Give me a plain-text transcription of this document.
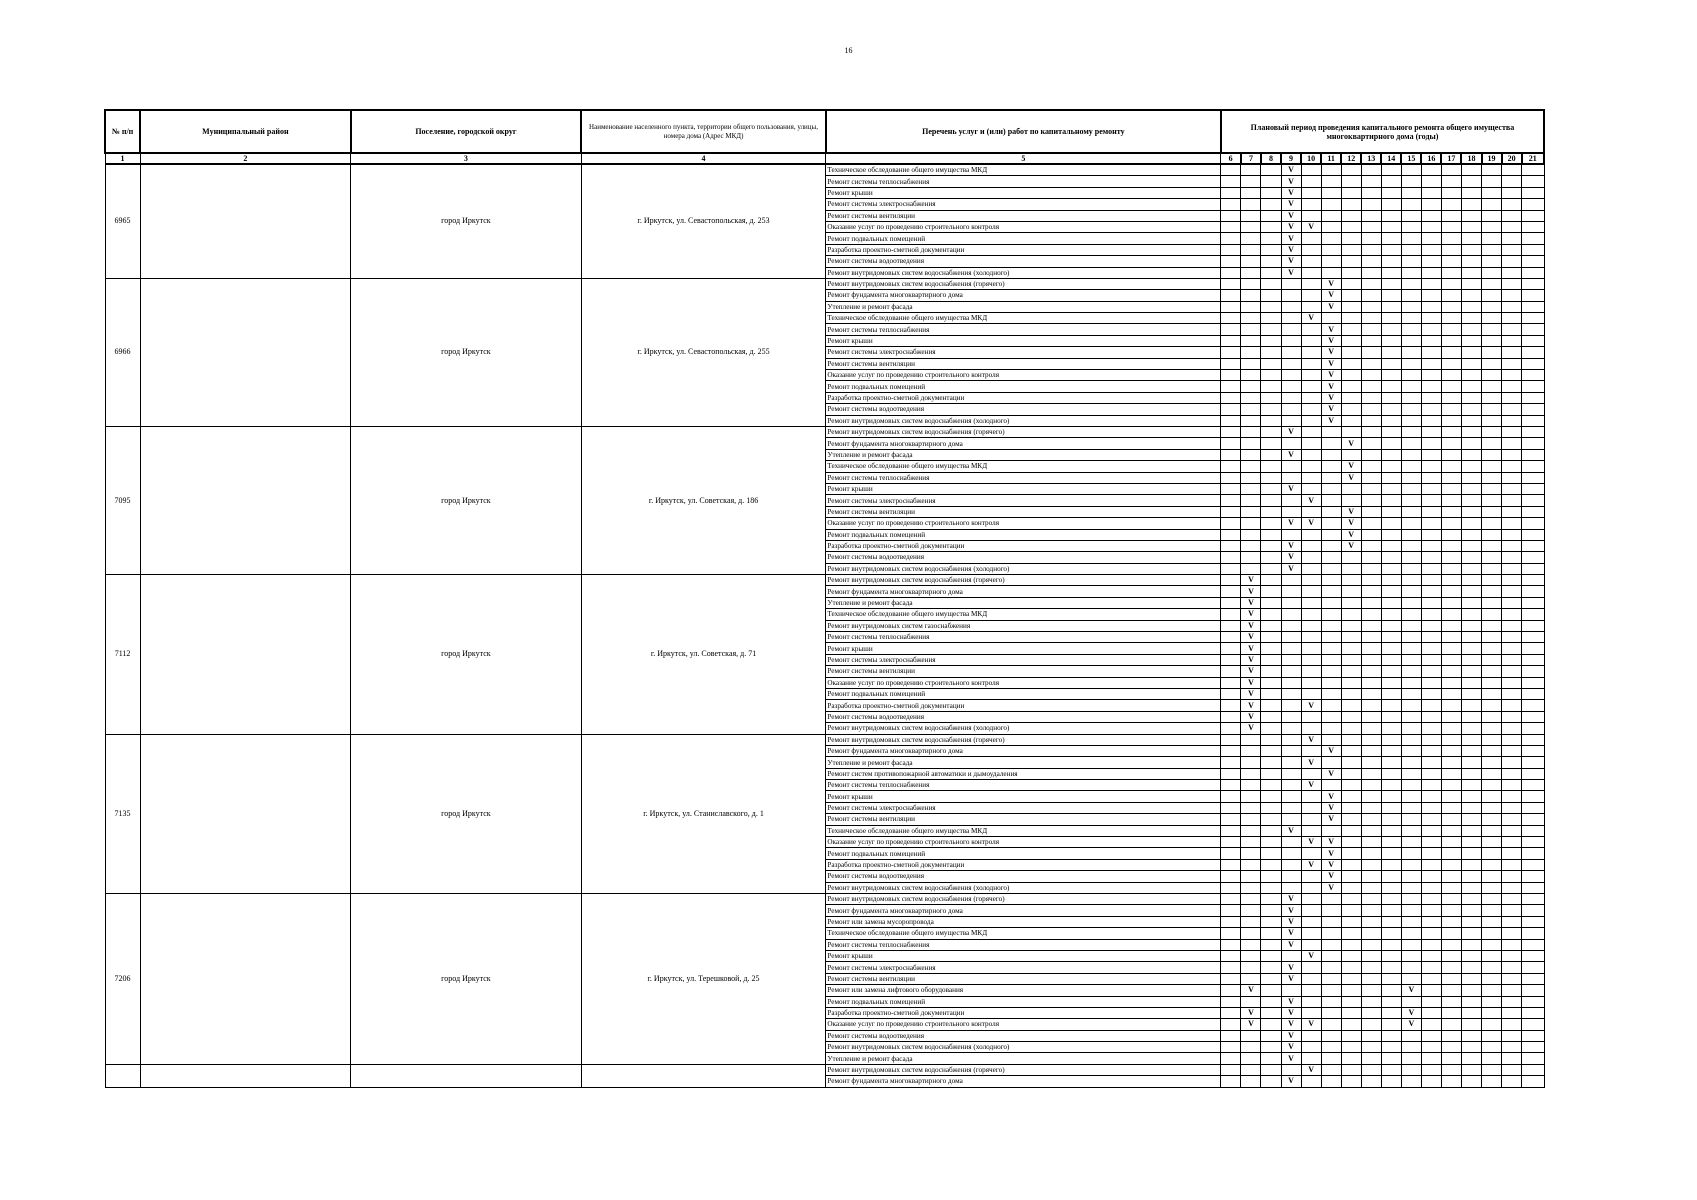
16
№ п/п	Муниципальный район	Поселение, городской округ	Наименование населенного пункта, территории общего пользования, улицы, номера дома (Адрес МКД)	Перечень услуг и (или) работ по капитальному ремонту	Плановый период проведения капитального ремонта общего имущества многоквартирного дома (годы)															
1	2	3	4	5	6	7	8	9	10	11	12	13	14	15	16	17	18	19	20	21
6965		город Иркутск	г. Иркутск, ул. Севастопольская, д. 253	Техническое обследование общего имущества МКД				V												
				Ремонт системы теплоснабжения				V												
				Ремонт крыши				V												
				Ремонт системы электроснабжения				V												
				Ремонт системы вентиляции				V												
				Оказание услуг по проведению строительного контроля				V	V											
				Ремонт подвальных помещений				V												
				Разработка проектно-сметной документации				V												
				Ремонт системы водоотведения				V												
				Ремонт внутридомовых систем водоснабжения (холодного)				V												
6966		город Иркутск	г. Иркутск, ул. Севастопольская, д. 255	Ремонт внутридомовых систем водоснабжения (горячего)						V										
				Ремонт фундамента многоквартирного дома						V										
				Утепление и ремонт фасада						V										
				Техническое обследование общего имущества МКД					V											
				Ремонт системы теплоснабжения						V										
				Ремонт крыши						V										
				Ремонт системы электроснабжения						V										
				Ремонт системы вентиляции						V										
				Оказание услуг по проведению строительного контроля						V										
				Ремонт подвальных помещений						V										
				Разработка проектно-сметной документации						V										
				Ремонт системы водоотведения						V										
				Ремонт внутридомовых систем водоснабжения (холодного)						V										
7095		город Иркутск	г. Иркутск, ул. Советская, д. 186	Ремонт внутридомовых систем водоснабжения (горячего)				V												
				Ремонт фундамента многоквартирного дома							V									
				Утепление и ремонт фасада				V												
				Техническое обследование общего имущества МКД							V									
				Ремонт системы теплоснабжения							V									
				Ремонт крыши				V												
				Ремонт системы электроснабжения					V											
				Ремонт системы вентиляции							V									
				Оказание услуг по проведению строительного контроля				V	V		V									
				Ремонт подвальных помещений							V									
				Разработка проектно-сметной документации				V			V									
				Ремонт системы водоотведения				V												
				Ремонт внутридомовых систем водоснабжения (холодного)				V												
7112		город Иркутск	г. Иркутск, ул. Советская, д. 71	Ремонт внутридомовых систем водоснабжения (горячего)		V														
				Ремонт фундамента многоквартирного дома		V														
				Утепление и ремонт фасада		V														
				Техническое обследование общего имущества МКД		V														
				Ремонт внутридомовых систем газоснабжения		V														
				Ремонт системы теплоснабжения		V														
				Ремонт крыши		V														
				Ремонт системы электроснабжения		V														
				Ремонт системы вентиляции		V														
				Оказание услуг по проведению строительного контроля		V														
				Ремонт подвальных помещений		V														
				Разработка проектно-сметной документации		V			V											
				Ремонт системы водоотведения		V														
				Ремонт внутридомовых систем водоснабжения (холодного)		V														
7135		город Иркутск	г. Иркутск, ул. Станиславского, д. 1	Ремонт внутридомовых систем водоснабжения (горячего)					V											
				Ремонт фундамента многоквартирного дома						V										
				Утепление и ремонт фасада					V											
				Ремонт систем противопожарной автоматики и дымоудаления						V										
				Ремонт системы теплоснабжения					V											
				Ремонт крыши						V										
				Ремонт системы электроснабжения						V										
				Ремонт системы вентиляции						V										
				Техническое обследование общего имущества МКД				V												
				Оказание услуг по проведению строительного контроля					V	V										
				Ремонт подвальных помещений						V										
				Разработка проектно-сметной документации					V	V										
				Ремонт системы водоотведения						V										
				Ремонт внутридомовых систем водоснабжения (холодного)						V										
7206		город Иркутск	г. Иркутск, ул. Терешковой, д. 25	Ремонт внутридомовых систем водоснабжения (горячего)				V												
				Ремонт фундамента многоквартирного дома				V												
				Ремонт или замена мусоропровода				V												
				Техническое обследование общего имущества МКД				V												
				Ремонт системы теплоснабжения				V												
				Ремонт крыши					V											
				Ремонт системы электроснабжения				V												
				Ремонт системы вентиляции				V												
				Ремонт или замена лифтового оборудования		V								V						
				Ремонт подвальных помещений				V												
				Разработка проектно-сметной документации		V		V						V						
				Оказание услуг по проведению строительного контроля		V		V	V					V						
				Ремонт системы водоотведения				V												
				Ремонт внутридомовых систем водоснабжения (холодного)				V												
				Утепление и ремонт фасада				V												
				Ремонт внутридомовых систем водоснабжения (горячего)					V											
				Ремонт фундамента многоквартирного дома				V												
